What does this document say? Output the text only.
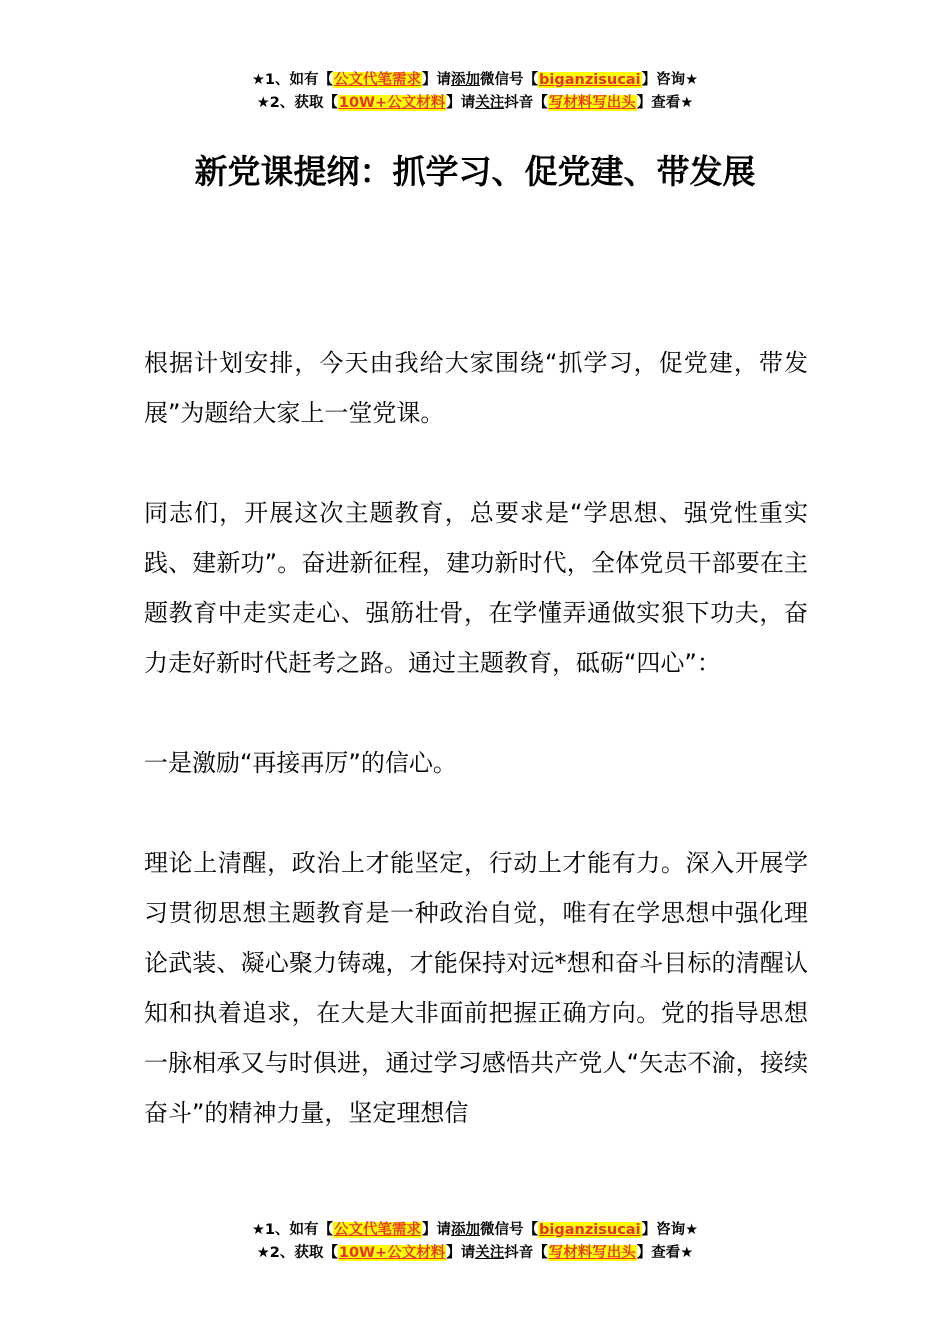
★1、如有【公文代笔需求】请添加微信号【biganzisucai】咨询★
★2、获取【10W+公文材料】请关注抖音【写材料写出头】查看★
新党课提纲：抓学习、促党建、带发展

根据计划安排，今天由我给大家围绕“抓学习，促党建，带发展”为题给大家上一堂党课。

同志们，开展这次主题教育，总要求是“学思想、强党性重实践、建新功”。奋进新征程，建功新时代，全体党员干部要在主题教育中走实走心、强筋壮骨，在学懂弄通做实狠下功夫，奋力走好新时代赶考之路。通过主题教育，砥砺“四心”：

一是激励“再接再厉”的信心。

理论上清醒，政治上才能坚定，行动上才能有力。深入开展学习贯彻思想主题教育是一种政治自觉，唯有在学思想中强化理论武装、凝心聚力铸魂，才能保持对远*想和奋斗目标的清醒认知和执着追求，在大是大非面前把握正确方向。党的指导思想一脉相承又与时俱进，通过学习感悟共产党人“矢志不渝，接续奋斗”的精神力量，坚定理想信

★1、如有【公文代笔需求】请添加微信号【biganzisucai】咨询★
★2、获取【10W+公文材料】请关注抖音【写材料写出头】查看★
